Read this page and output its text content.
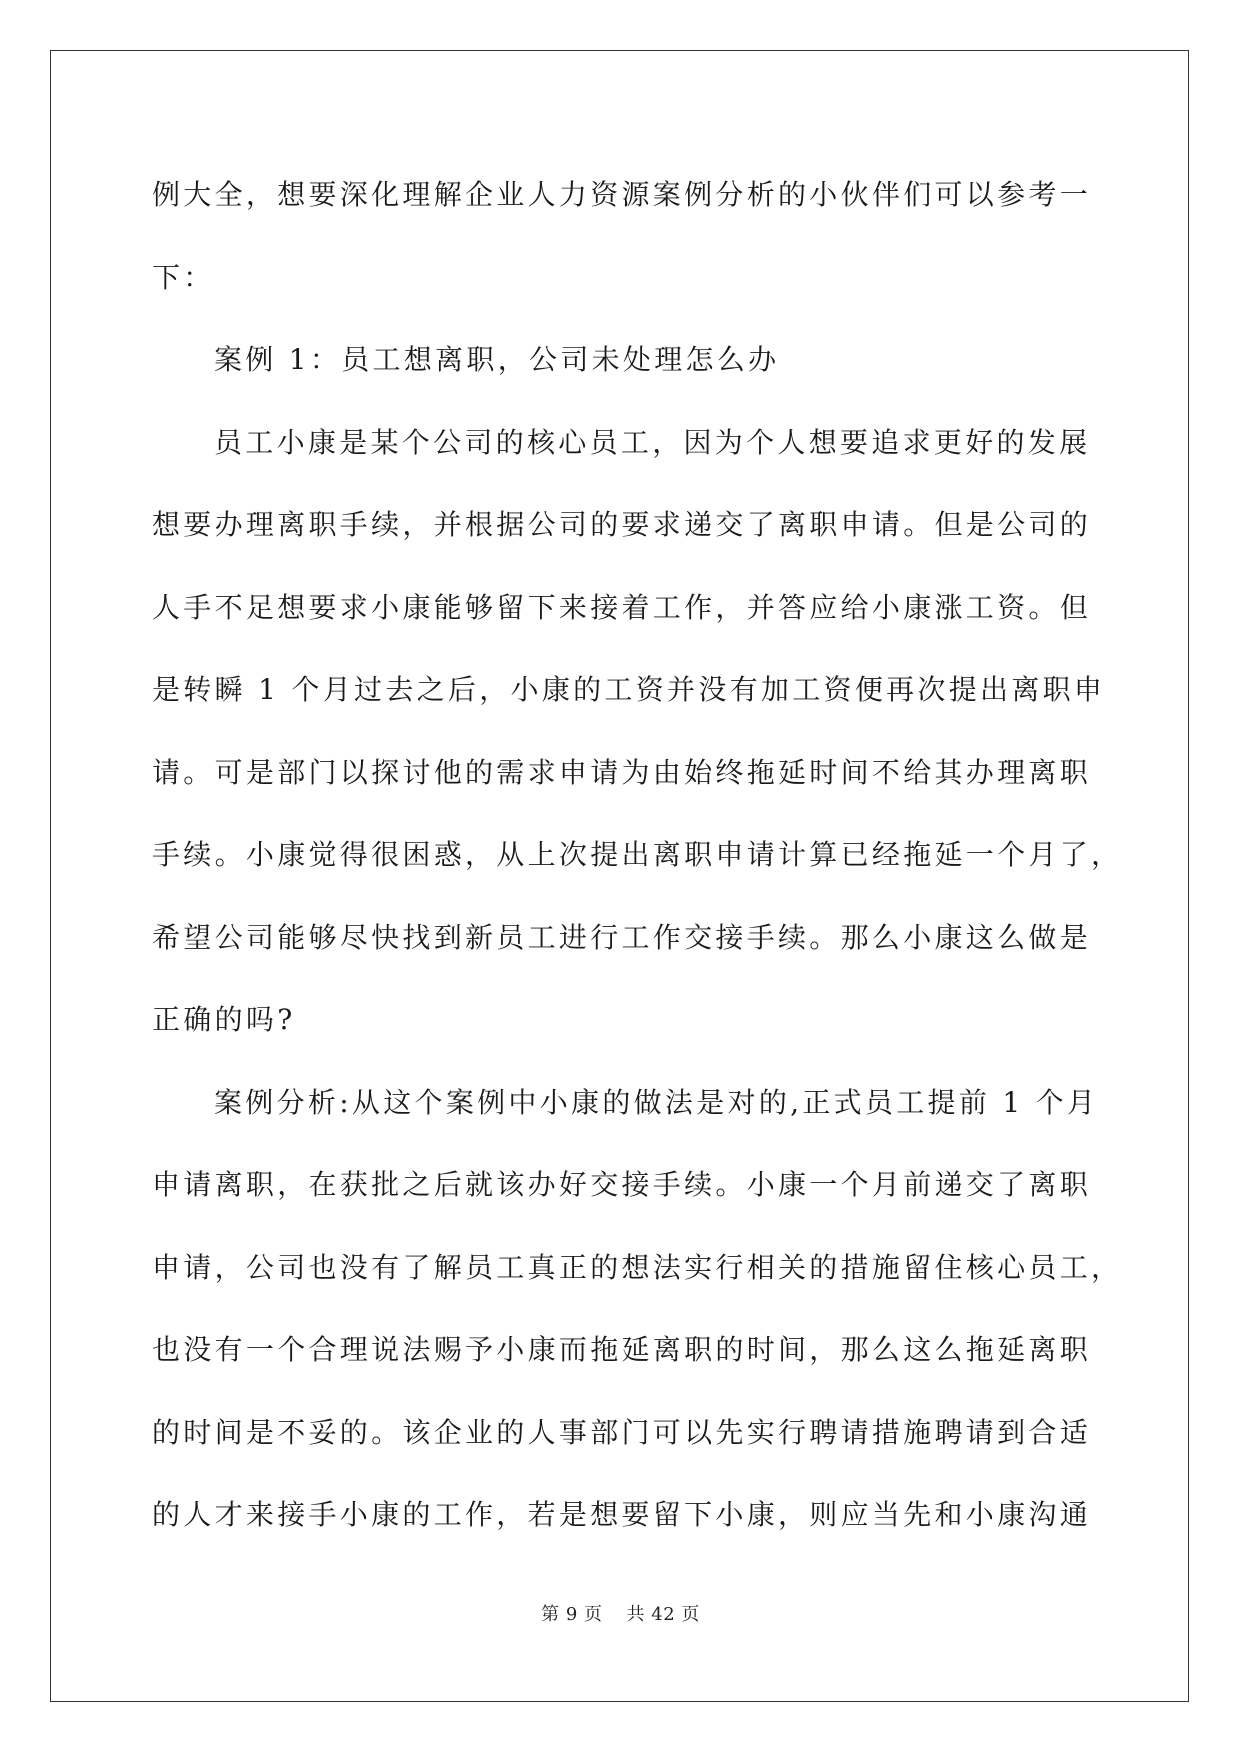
例大全，想要深化理解企业人力资源案例分析的小伙伴们可以参考一

下：

案例 1：员工想离职，公司未处理怎么办

员工小康是某个公司的核心员工，因为个人想要追求更好的发展

想要办理离职手续，并根据公司的要求递交了离职申请。但是公司的

人手不足想要求小康能够留下来接着工作，并答应给小康涨工资。但

是转瞬 1 个月过去之后，小康的工资并没有加工资便再次提出离职申

请。可是部门以探讨他的需求申请为由始终拖延时间不给其办理离职

手续。小康觉得很困惑，从上次提出离职申请计算已经拖延一个月了，

希望公司能够尽快找到新员工进行工作交接手续。那么小康这么做是

正确的吗?

案例分析:从这个案例中小康的做法是对的,正式员工提前 1 个月

申请离职，在获批之后就该办好交接手续。小康一个月前递交了离职

申请，公司也没有了解员工真正的想法实行相关的措施留住核心员工，

也没有一个合理说法赐予小康而拖延离职的时间，那么这么拖延离职

的时间是不妥的。该企业的人事部门可以先实行聘请措施聘请到合适

的人才来接手小康的工作，若是想要留下小康，则应当先和小康沟通

第 9 页 共 42 页
